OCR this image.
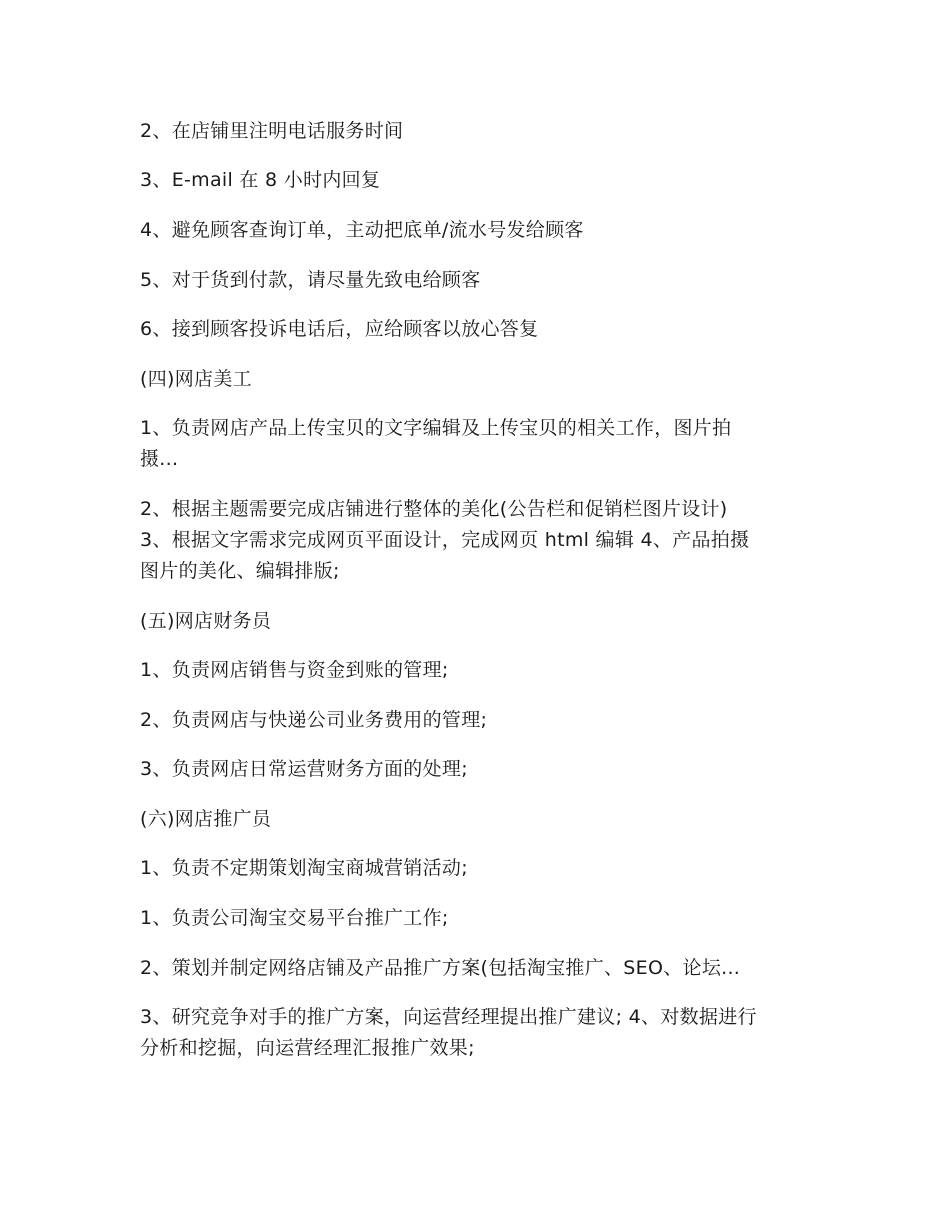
2、在店铺里注明电话服务时间
3、E-mail 在 8 小时内回复
4、避免顾客查询订单，主动把底单/流水号发给顾客
5、对于货到付款，请尽量先致电给顾客
6、接到顾客投诉电话后，应给顾客以放心答复
(四)网店美工
1、负责网店产品上传宝贝的文字编辑及上传宝贝的相关工作，图片拍
摄...
2、根据主题需要完成店铺进行整体的美化(公告栏和促销栏图片设计)
3、根据文字需求完成网页平面设计，完成网页 html 编辑 4、产品拍摄
图片的美化、编辑排版;
(五)网店财务员
1、负责网店销售与资金到账的管理;
2、负责网店与快递公司业务费用的管理;
3、负责网店日常运营财务方面的处理;
(六)网店推广员
1、负责不定期策划淘宝商城营销活动;
1、负责公司淘宝交易平台推广工作;
2、策划并制定网络店铺及产品推广方案(包括淘宝推广、SEO、论坛...
3、研究竞争对手的推广方案，向运营经理提出推广建议; 4、对数据进行
分析和挖掘，向运营经理汇报推广效果;
